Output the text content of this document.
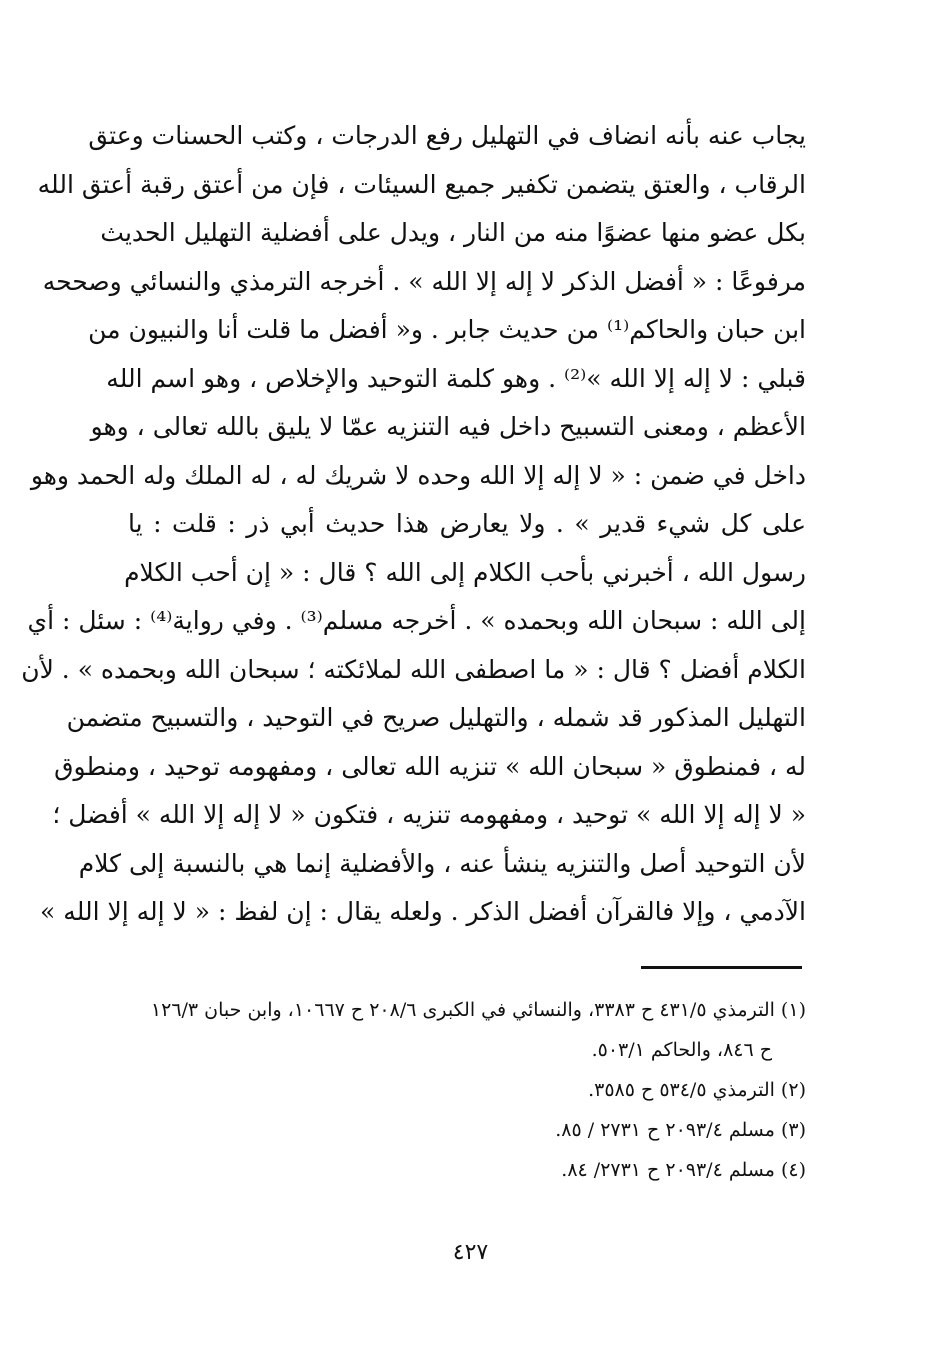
يجاب عنه بأنه انضاف في التهليل رفع الدرجات ، وكتب الحسنات وعتق
الرقاب ، والعتق يتضمن تكفير جميع السيئات ، فإن من أعتق رقبة أعتق الله
بكل عضو منها عضوًا منه من النار ، ويدل على أفضلية التهليل الحديث
مرفوعًا : « أفضل الذكر لا إله إلا الله » . أخرجه الترمذي والنسائي وصححه
ابن حبان والحاكم⁽¹⁾ من حديث جابر . و« أفضل ما قلت أنا والنبيون من
قبلي : لا إله إلا الله »⁽²⁾ . وهو كلمة التوحيد والإخلاص ، وهو اسم الله
الأعظم ، ومعنى التسبيح داخل فيه التنزيه عمّا لا يليق بالله تعالى ، وهو
داخل في ضمن : « لا إله إلا الله وحده لا شريك له ، له الملك وله الحمد وهو
على كل شيء قدير » . ولا يعارض هذا حديث أبي ذر : قلت : يا
رسول الله ، أخبرني بأحب الكلام إلى الله ؟ قال : « إن أحب الكلام
إلى الله : سبحان الله وبحمده » . أخرجه مسلم⁽³⁾ . وفي رواية⁽⁴⁾ : سئل : أي
الكلام أفضل ؟ قال : « ما اصطفى الله لملائكته ؛ سبحان الله وبحمده » . لأن
التهليل المذكور قد شمله ، والتهليل صريح في التوحيد ، والتسبيح متضمن
له ، فمنطوق « سبحان الله » تنزيه الله تعالى ، ومفهومه توحيد ، ومنطوق
« لا إله إلا الله » توحيد ، ومفهومه تنزيه ، فتكون « لا إله إلا الله » أفضل ؛
لأن التوحيد أصل والتنزيه ينشأ عنه ، والأفضلية إنما هي بالنسبة إلى كلام
الآدمي ، وإلا فالقرآن أفضل الذكر . ولعله يقال : إن لفظ : « لا إله إلا الله »
(١) الترمذي ٤٣١/٥ ح ٣٣٨٣، والنسائي في الكبرى ٢٠٨/٦ ح ١٠٦٦٧، وابن حبان ١٢٦/٣
ح ٨٤٦، والحاكم ٥٠٣/١.
(٢) الترمذي ٥٣٤/٥ ح ٣٥٨٥.
(٣) مسلم ٢٠٩٣/٤ ح ٢٧٣١ / ٨٥.
(٤) مسلم ٢٠٩٣/٤ ح ٢٧٣١/ ٨٤.
٤٢٧
